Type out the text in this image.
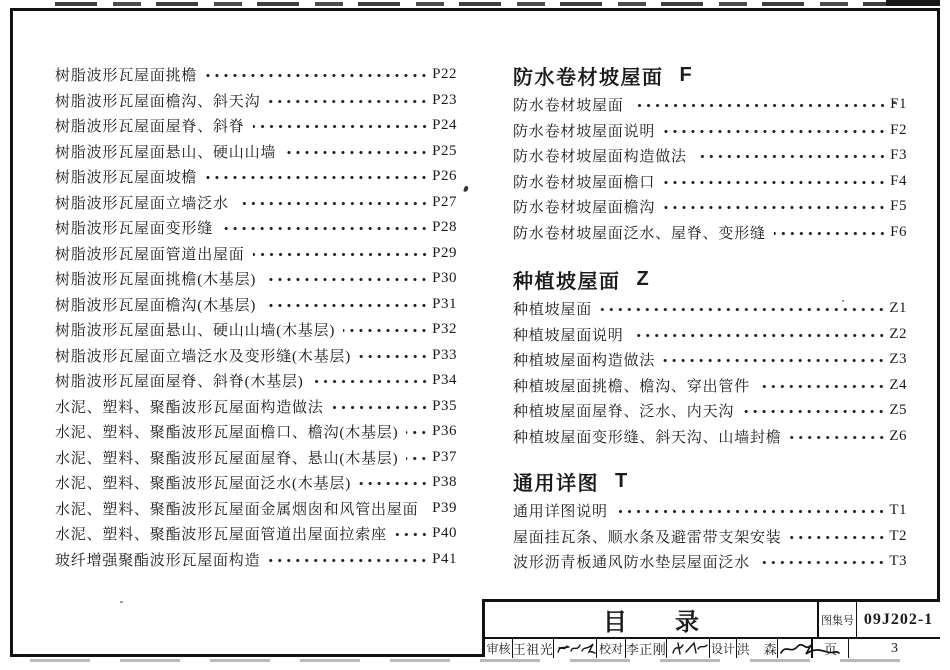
树脂波形瓦屋面挑檐	P22
树脂波形瓦屋面檐沟、斜天沟	P23
树脂波形瓦屋面屋脊、斜脊	P24
树脂波形瓦屋面悬山、硬山山墙	P25
树脂波形瓦屋面坡檐	P26
树脂波形瓦屋面立墙泛水	P27
树脂波形瓦屋面变形缝	P28
树脂波形瓦屋面管道出屋面	P29
树脂波形瓦屋面挑檐(木基层)	P30
树脂波形瓦屋面檐沟(木基层)	P31
树脂波形瓦屋面悬山、硬山山墙(木基层)	P32
树脂波形瓦屋面立墙泛水及变形缝(木基层)	P33
树脂波形瓦屋面屋脊、斜脊(木基层)	P34
水泥、塑料、聚酯波形瓦屋面构造做法	P35
水泥、塑料、聚酯波形瓦屋面檐口、檐沟(木基层) P36
水泥、塑料、聚酯波形瓦屋面屋脊、悬山(木基层) P37
水泥、塑料、聚酯波形瓦屋面泛水(木基层)	P38
水泥、塑料、聚酯波形瓦屋面金属烟囱和风管出屋面 P39
水泥、塑料、聚酯波形瓦屋面管道出屋面拉索座	P40
玻纤增强聚酯波形瓦屋面构造	P41
防水卷材坡屋面 F
防水卷材坡屋面	F1
防水卷材坡屋面说明	F2
防水卷材坡屋面构造做法	F3
防水卷材坡屋面檐口	F4
防水卷材坡屋面檐沟	F5
防水卷材坡屋面泛水、屋脊、变形缝	F6
种植坡屋面 Z
种植坡屋面	Z1
种植坡屋面说明	Z2
种植坡屋面构造做法	Z3
种植坡屋面挑檐、檐沟、穿出管件	Z4
种植坡屋面屋脊、泛水、内天沟	Z5
种植坡屋面变形缝、斜天沟、山墙封檐	Z6
通用详图 T
通用详图说明	T1
屋面挂瓦条、顺水条及避雷带支架安装	T2
波形沥青板通风防水垫层屋面泛水	T3
目　　录	图集号 09J202-1
审核 王祖光	校对 李正刚	设计 洪　森	页	3
